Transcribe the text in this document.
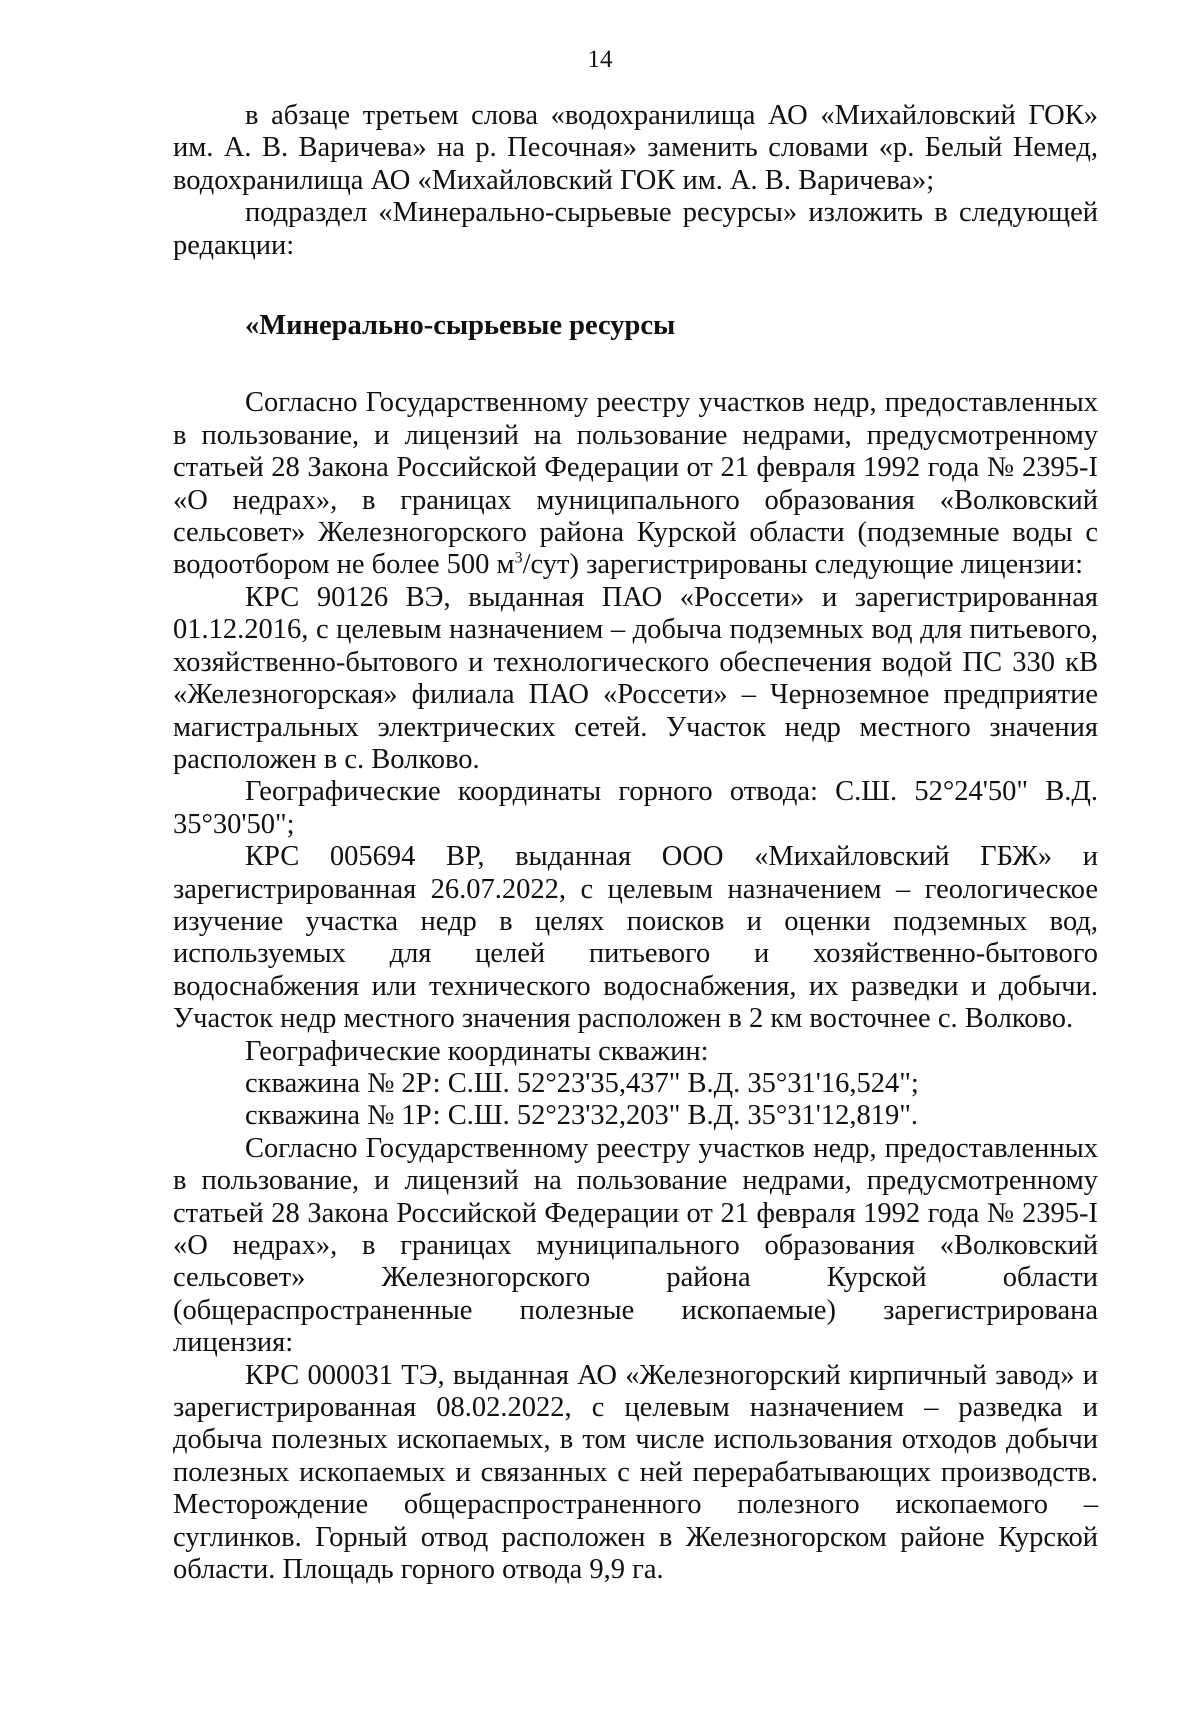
14

в абзаце третьем слова «водохранилища АО «Михайловский ГОК» им. А. В. Варичева» на р. Песочная» заменить словами «р. Белый Немед, водохранилища АО «Михайловский ГОК им. А. В. Варичева»;

подраздел «Минерально-сырьевые ресурсы» изложить в следующей редакции:

«Минерально-сырьевые ресурсы

Согласно Государственному реестру участков недр, предоставленных в пользование, и лицензий на пользование недрами, предусмотренному статьей 28 Закона Российской Федерации от 21 февраля 1992 года № 2395-I «О недрах», в границах муниципального образования «Волковский сельсовет» Железногорского района Курской области (подземные воды с водоотбором не более 500 $м^3/сут$) зарегистрированы следующие лицензии:

КРС 90126 ВЭ, выданная ПАО «Россети» и зарегистрированная 01.12.2016, с целевым назначением – добыча подземных вод для питьевого, хозяйственно-бытового и технологического обеспечения водой ПС 330 кВ «Железногорская» филиала ПАО «Россети» – Черноземное предприятие магистральных электрических сетей. Участок недр местного значения расположен в с. Волково.

Географические координаты горного отвода: С.Ш. 52°24'50" В.Д. 35°30'50";

КРС 005694 ВР, выданная ООО «Михайловский ГБЖ» и зарегистрированная 26.07.2022, с целевым назначением – геологическое изучение участка недр в целях поисков и оценки подземных вод, используемых для целей питьевого и хозяйственно-бытового водоснабжения или технического водоснабжения, их разведки и добычи. Участок недр местного значения расположен в 2 км восточнее с. Волково.

Географические координаты скважин:

скважина № 2Р: С.Ш. 52°23'35,437" В.Д. 35°31'16,524";

скважина № 1Р: С.Ш. 52°23'32,203" В.Д. 35°31'12,819".

Согласно Государственному реестру участков недр, предоставленных в пользование, и лицензий на пользование недрами, предусмотренному статьей 28 Закона Российской Федерации от 21 февраля 1992 года № 2395-I «О недрах», в границах муниципального образования «Волковский сельсовет» Железногорского района Курской области (общераспространенные полезные ископаемые) зарегистрирована лицензия:

КРС 000031 ТЭ, выданная АО «Железногорский кирпичный завод» и зарегистрированная 08.02.2022, с целевым назначением – разведка и добыча полезных ископаемых, в том числе использования отходов добычи полезных ископаемых и связанных с ней перерабатывающих производств. Месторождение общераспространенного полезного ископаемого – суглинков. Горный отвод расположен в Железногорском районе Курской области. Площадь горного отвода 9,9 га.
